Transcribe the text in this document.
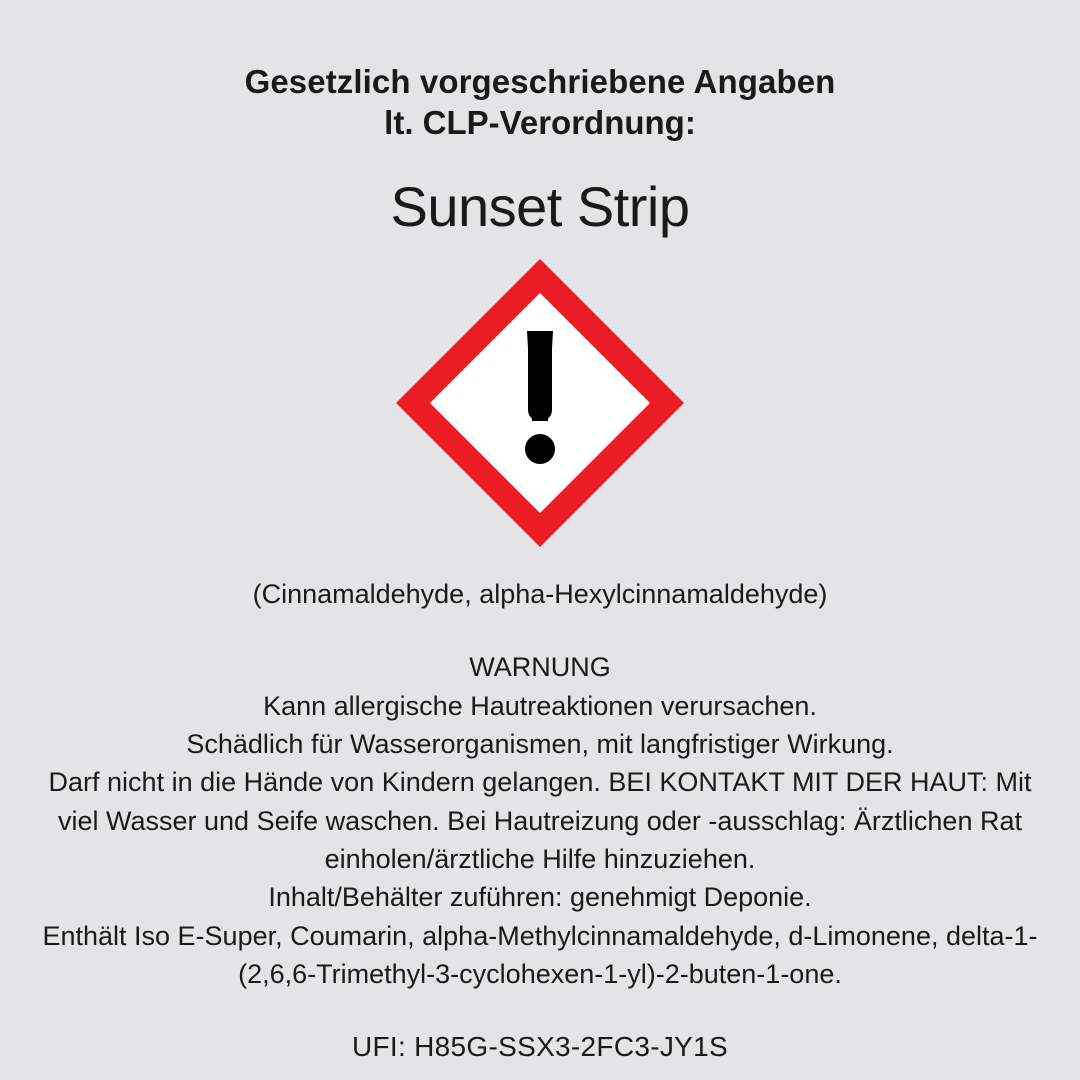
Gesetzlich vorgeschriebene Angaben
lt. CLP-Verordnung:
Sunset Strip
(Cinnamaldehyde, alpha-Hexylcinnamaldehyde)
WARNUNG
Kann allergische Hautreaktionen verursachen.
Schädlich für Wasserorganismen, mit langfristiger Wirkung.
Darf nicht in die Hände von Kindern gelangen. BEI KONTAKT MIT DER HAUT: Mit viel Wasser und Seife waschen. Bei Hautreizung oder -ausschlag: Ärztlichen Rat einholen/ärztliche Hilfe hinzuziehen.
Inhalt/Behälter zuführen: genehmigt Deponie.
Enthält Iso E-Super, Coumarin, alpha-Methylcinnamaldehyde, d-Limonene, delta-1-(2,6,6-Trimethyl-3-cyclohexen-1-yl)-2-buten-1-one.
UFI: H85G-SSX3-2FC3-JY1S
